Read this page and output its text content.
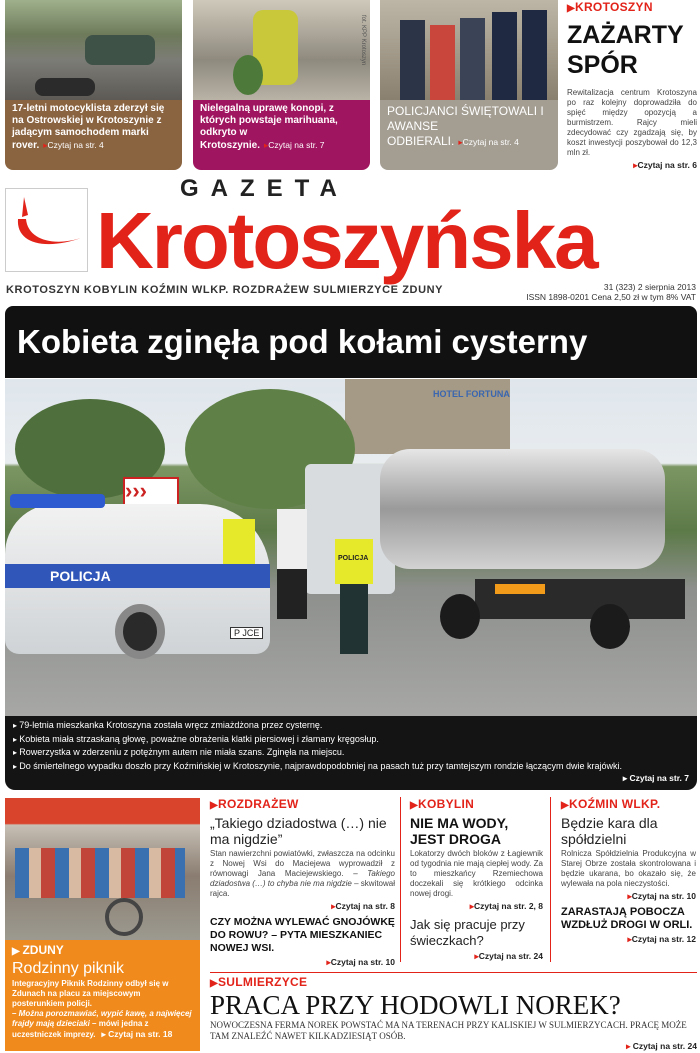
17-letni motocyklista zderzył się na Ostrowskiej w Krotoszynie z jadącym samochodem marki rover. ▸ Czytaj na str. 4
fot. KPP Krotoszyn
Nielegalną uprawę konopi, z których powstaje marihuana, odkryto w Krotoszynie. ▸ Czytaj na str. 7
POLICJANCI ŚWIĘTOWALI I AWANSE ODBIERALI. ▸ Czytaj na str. 4
▶ KROTOSZYN
ZAŻARTY
SPÓR
Rewitalizacja centrum Krotoszyna po raz kolejny doprowadziła do spięć między opozycją a burmistrzem. Rajcy mieli zdecydować czy zgadzają się, by koszt inwestycji poszybował do 12,3 mln zł.
▸ Czytaj na str. 6
GAZETA
Krotoszyńska
KROTOSZYN KOBYLIN KOŹMIN WLKP. ROZDRAŻEW SULMIERZYCE ZDUNY	31 (323) 2 sierpnia 2013
ISSN 1898-0201 Cena 2,50 zł w tym 8% VAT
Kobieta zginęła pod kołami cysterny
HOTEL FORTUNA
›››
POLICJA
P JCE
POLICJA
▸ 79-letnia mieszkanka Krotoszyna została wręcz zmiażdżona przez cysternę.
▸ Kobieta miała strzaskaną głowę, poważne obrażenia klatki piersiowej i złamany kręgosłup.
▸ Rowerzystka w zderzeniu z potężnym autem nie miała szans. Zginęła na miejscu.
▸ Do śmiertelnego wypadku doszło przy Koźmińskiej w Krotoszynie, najprawdopodobniej na pasach tuż przy tamtejszym rondzie łączącym dwie krajówki.
▸ Czytaj na str. 7
▶ ZDUNY
Rodzinny piknik
Integracyjny Piknik Rodzinny odbył się w Zdunach na placu za miejscowym posterunkiem policji.
– Można porozmawiać, wypić kawę, a najwięcej frajdy mają dzieciaki – mówi jedna z uczestniczek imprezy. ▸ Czytaj na str. 18
▶ ROZDRAŻEW
„Takiego dziadostwa (…) nie ma nigdzie”
Stan nawierzchni powiatówki, zwłaszcza na odcinku z Nowej Wsi do Maciejewa wyprowadził z równowagi Jana Maciejewskiego. – Takiego dziadostwa (…) to chyba nie ma nigdzie – skwitował rajca.
▸ Czytaj na str. 8
CZY MOŻNA WYLEWAĆ GNOJÓWKĘ DO ROWU? – PYTA MIESZKANIEC NOWEJ WSI.
▸ Czytaj na str. 10
▶ KOBYLIN
NIE MA WODY, JEST DROGA
Lokatorzy dwóch bloków z Łagiewnik od tygodnia nie mają ciepłej wody. Za to mieszkańcy Rzemiechowa doczekali się krótkiego odcinka nowej drogi.
▸ Czytaj na str. 2, 8
Jak się pracuje przy świeczkach?
▸ Czytaj na str. 24
▶ KOŹMIN WLKP.
Będzie kara dla spółdzielni
Rolnicza Spółdzielnia Produkcyjna w Starej Obrze została skontrolowana i będzie ukarana, bo okazało się, że wylewała na pola nieczystości.
▸ Czytaj na str. 10
ZARASTAJĄ POBOCZA WZDŁUŻ DROGI W ORLI.
▸ Czytaj na str. 12
▶ SULMIERZYCE
PRACA PRZY HODOWLI NOREK?
NOWOCZESNA FERMA NOREK POWSTAĆ MA NA TERENACH PRZY KALISKIEJ W SULMIERZYCACH. PRACĘ MOŻE TAM ZNALEŹĆ NAWET KILKADZIESIĄT OSÓB.
▸ Czytaj na str. 24
